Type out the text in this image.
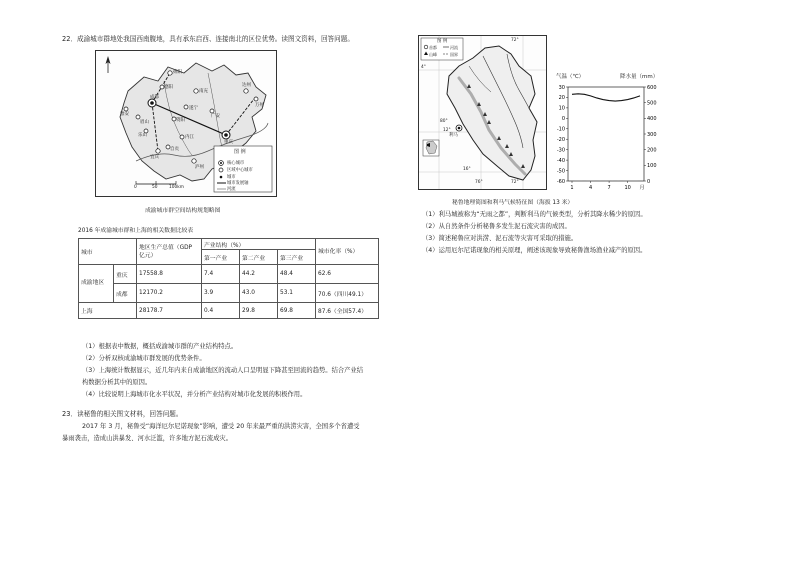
22．成渝城市群地处我国西南腹地，具有承东启西、连接南北的区位优势。读图文资料，回答问题。
成都
重庆
南充
遂宁
内江
自贡
宜宾
泸州
乐山
眉山
雅安
资阳
绵阳
德阳	达州
广安
万州
图 例
核心城市
区域中心城市
城市
城市发展轴
河流
0	50	100km
成渝城市群空间结构规划略图
2016 年成渝城市群和上海的相关数据比较表
城市		地区生产总值（GDP 亿元）	产业结构（%）			城市化率（%）
			第一产业	第二产业	第三产业	
成渝地区	重庆	17558.8	7.4	44.2	48.4	62.6
	成都	12170.2	3.9	43.0	53.1	70.6（四川49.1）
上海		28178.7	0.4	29.8	69.8	87.6（全国57.4）
（1）根据表中数据，概括成渝城市群的产业结构特点。
（2）分析双核成渝城市群发展的优势条件。
（3）上海统计数据显示，近几年内来自成渝地区的流动人口呈明显下降甚至回流的趋势。结合产业结
构数据分析其中的原因。
（4）比较说明上海城市化水平状况，并分析产业结构对城市化发展的积极作用。
23．读秘鲁的相关图文材料，回答问题。
2017 年 3 月，秘鲁受“海洋厄尔尼诺现象”影响，遭受 20 年来最严重的洪涝灾害，全国多个省遭受
暴雨袭击，造成山洪暴发、河水泛滥，许多地方泥石流成灾。
图 例
首都	河流
山峰	国界
利马
80°
76°
72°
4°
16°
72°
12°
气温（℃）	降水量（mm）
30
20
10
0
-10
-20
-30
-40
-50
-60
600
500
400
300
200
100
0
1	4	7	10 月
秘鲁地理简图和利马气候特征图（海拔 13 米）
（1）利马城被称为“无雨之都”，判断利马的气候类型，分析其降水稀少的原因。
（2）从自然条件分析秘鲁多发生泥石流灾害的成因。
（3）简述秘鲁应对洪涝、泥石流等灾害可采取的措施。
（4）运用厄尔尼诺现象的相关原理，阐述该现象导致秘鲁渔场渔业减产的原因。
